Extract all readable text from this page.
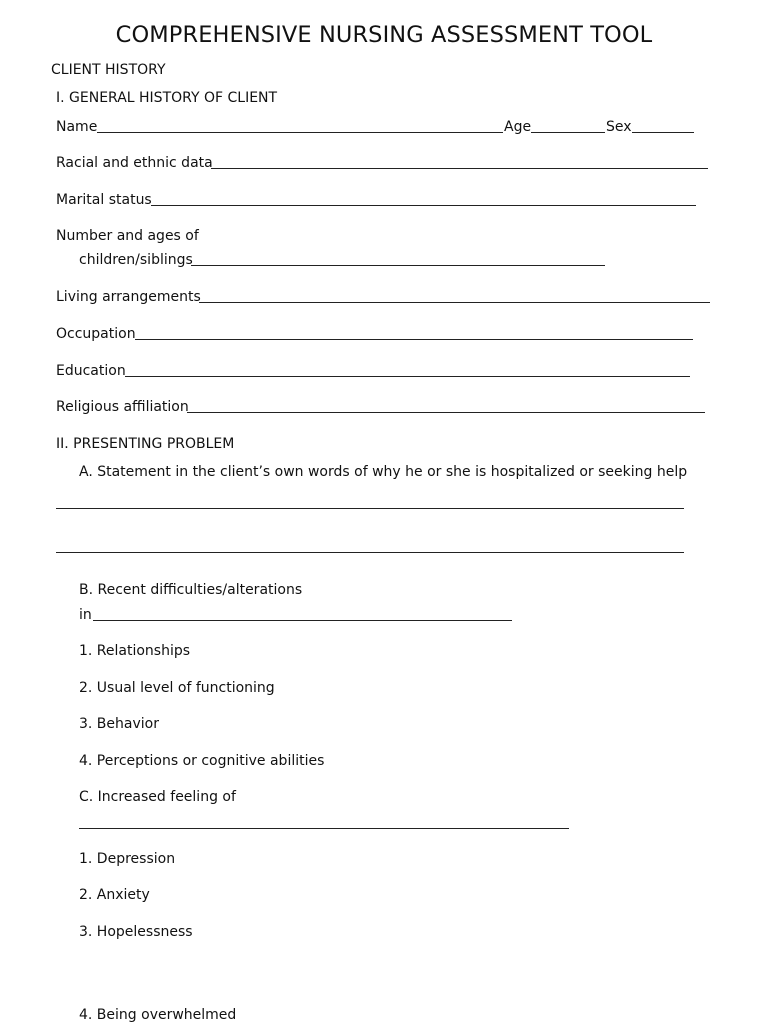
COMPREHENSIVE NURSING ASSESSMENT TOOL
CLIENT HISTORY
I. GENERAL HISTORY OF CLIENT
Name	Age	Sex
Racial and ethnic data
Marital status
Number and ages of
children/siblings
Living arrangements
Occupation
Education
Religious affiliation
II. PRESENTING PROBLEM
A. Statement in the client’s own words of why he or she is hospitalized or seeking help
B. Recent difficulties/alterations
in
1. Relationships
2. Usual level of functioning
3. Behavior
4. Perceptions or cognitive abilities
C. Increased feeling of
1. Depression
2. Anxiety
3. Hopelessness
4. Being overwhelmed
